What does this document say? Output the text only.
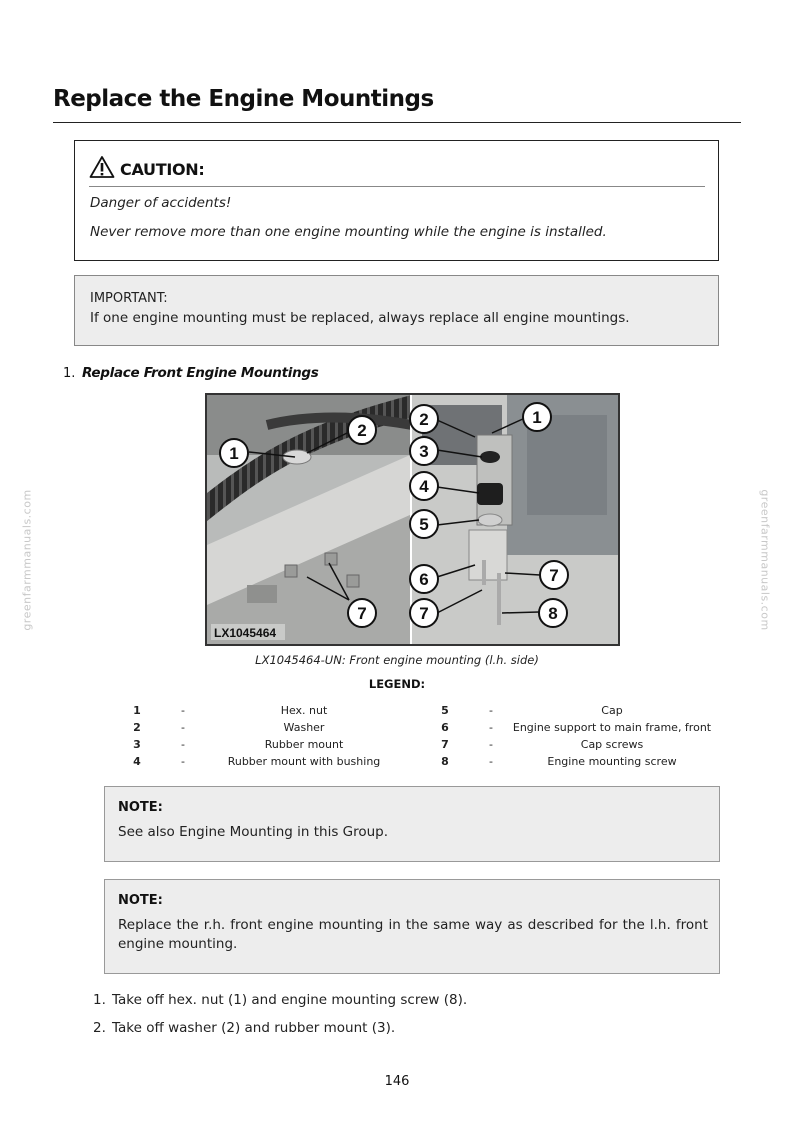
greenfarmmanuals.com	greenfarmmanuals.com
Replace the Engine Mountings
CAUTION:
Danger of accidents!
Never remove more than one engine mounting while the engine is installed.
IMPORTANT:
If one engine mounting must be replaced, always replace all engine mountings.
1. Replace Front Engine Mountings
1
2
2	1
3
4
5
6	7
7
7	8
LX1045464
LX1045464-UN: Front engine mounting (l.h. side)
LEGEND:
1	-	Hex. nut	5	-	Cap
2	-	Washer	6	-	Engine support to main frame, front
3	-	Rubber mount	7	-	Cap screws
4	-	Rubber mount with bushing	8	-	Engine mounting screw
NOTE:
See also Engine Mounting in this Group.
NOTE:
Replace the r.h. front engine mounting in the same way as described for the l.h. front
engine mounting.
1. Take off hex. nut (1) and engine mounting screw (8).
2. Take off washer (2) and rubber mount (3).
146
